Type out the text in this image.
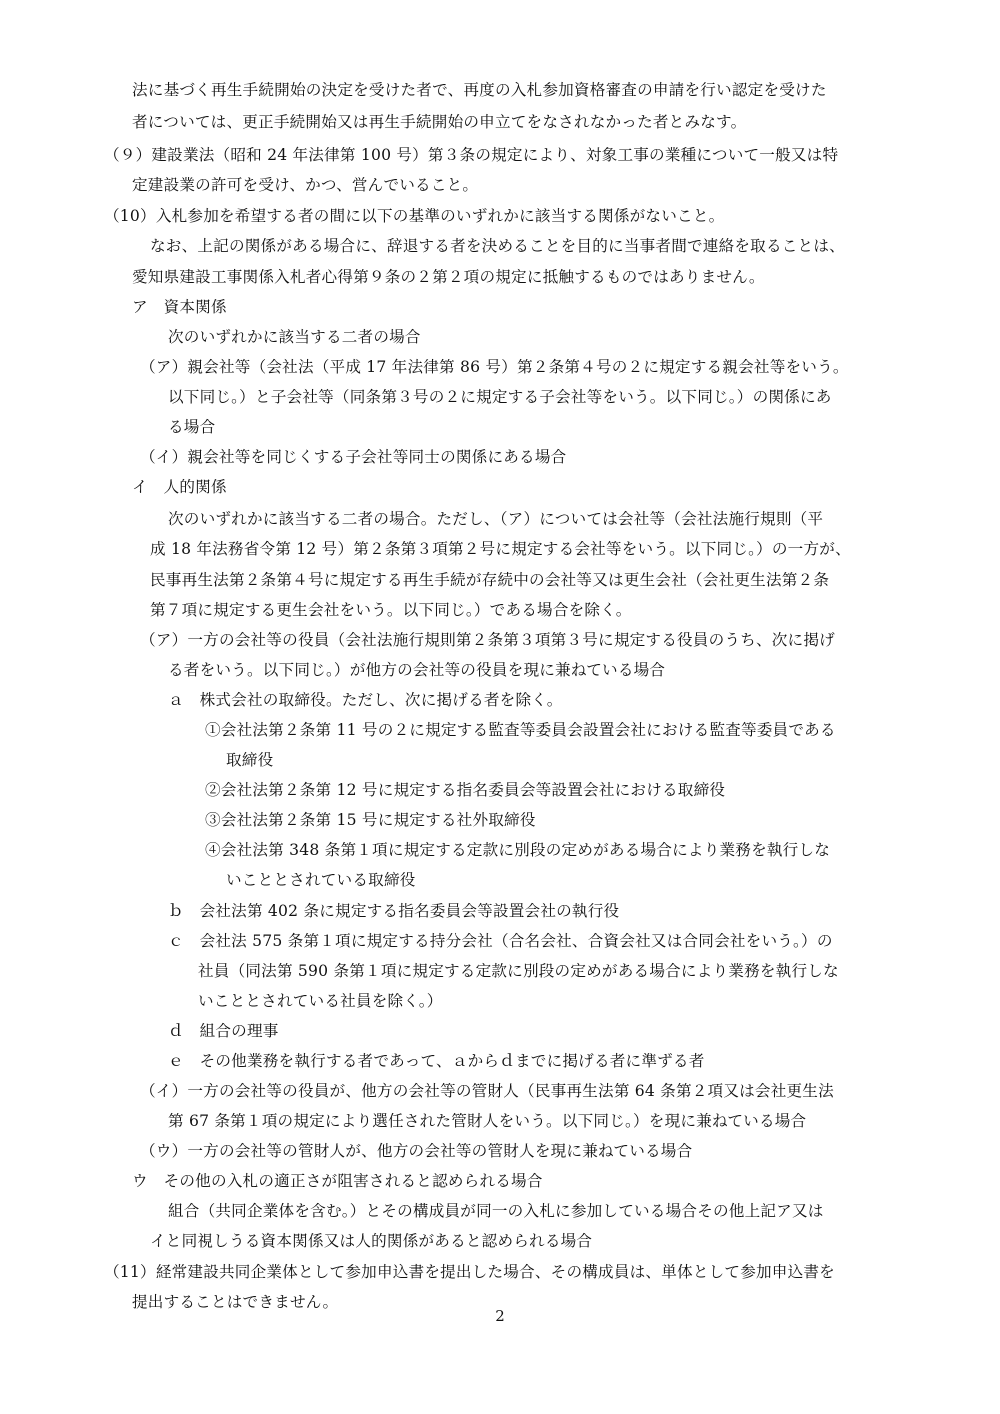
法に基づく再生手続開始の決定を受けた者で、再度の入札参加資格審査の申請を行い認定を受けた
者については、更正手続開始又は再生手続開始の申立てをなされなかった者とみなす。
（９）建設業法（昭和 24 年法律第 100 号）第３条の規定により、対象工事の業種について一般又は特
定建設業の許可を受け、かつ、営んでいること。
（10）入札参加を希望する者の間に以下の基準のいずれかに該当する関係がないこと。
なお、上記の関係がある場合に、辞退する者を決めることを目的に当事者間で連絡を取ることは、
愛知県建設工事関係入札者心得第９条の２第２項の規定に抵触するものではありません。
ア　資本関係
次のいずれかに該当する二者の場合
（ア）親会社等（会社法（平成 17 年法律第 86 号）第２条第４号の２に規定する親会社等をいう。
以下同じ。）と子会社等（同条第３号の２に規定する子会社等をいう。以下同じ。）の関係にあ
る場合
（イ）親会社等を同じくする子会社等同士の関係にある場合
イ　人的関係
次のいずれかに該当する二者の場合。ただし、（ア）については会社等（会社法施行規則（平
成 18 年法務省令第 12 号）第２条第３項第２号に規定する会社等をいう。以下同じ。）の一方が、
民事再生法第２条第４号に規定する再生手続が存続中の会社等又は更生会社（会社更生法第２条
第７項に規定する更生会社をいう。以下同じ。）である場合を除く。
（ア）一方の会社等の役員（会社法施行規則第２条第３項第３号に規定する役員のうち、次に掲げ
る者をいう。以下同じ。）が他方の会社等の役員を現に兼ねている場合
ａ　株式会社の取締役。ただし、次に掲げる者を除く。
①会社法第２条第 11 号の２に規定する監査等委員会設置会社における監査等委員である
取締役
②会社法第２条第 12 号に規定する指名委員会等設置会社における取締役
③会社法第２条第 15 号に規定する社外取締役
④会社法第 348 条第１項に規定する定款に別段の定めがある場合により業務を執行しな
いこととされている取締役
ｂ　会社法第 402 条に規定する指名委員会等設置会社の執行役
ｃ　会社法 575 条第１項に規定する持分会社（合名会社、合資会社又は合同会社をいう。）の
社員（同法第 590 条第１項に規定する定款に別段の定めがある場合により業務を執行しな
いこととされている社員を除く。）
ｄ　組合の理事
ｅ　その他業務を執行する者であって、ａからｄまでに掲げる者に準ずる者
（イ）一方の会社等の役員が、他方の会社等の管財人（民事再生法第 64 条第２項又は会社更生法
第 67 条第１項の規定により選任された管財人をいう。以下同じ。）を現に兼ねている場合
（ウ）一方の会社等の管財人が、他方の会社等の管財人を現に兼ねている場合
ウ　その他の入札の適正さが阻害されると認められる場合
組合（共同企業体を含む。）とその構成員が同一の入札に参加している場合その他上記ア又は
イと同視しうる資本関係又は人的関係があると認められる場合
（11）経常建設共同企業体として参加申込書を提出した場合、その構成員は、単体として参加申込書を
提出することはできません。
2
